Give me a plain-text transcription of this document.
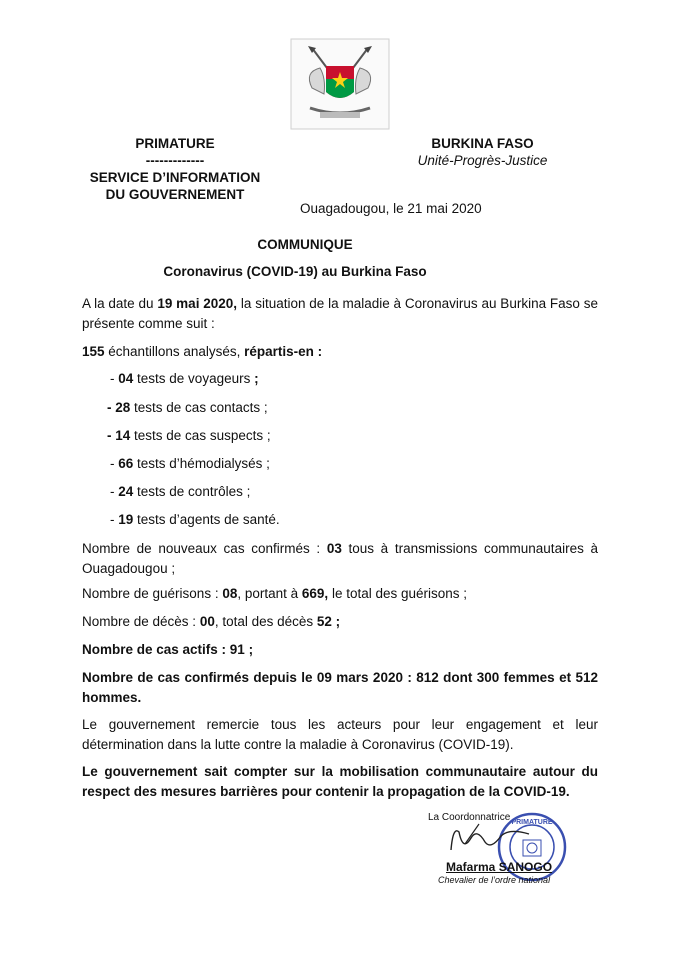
PRIMATURE
-------------
SERVICE D’INFORMATION
DU GOUVERNEMENT
BURKINA FASO
Unité-Progrès-Justice
Ouagadougou, le 21 mai 2020
COMMUNIQUE
Coronavirus (COVID-19) au Burkina Faso
A la date du 19 mai 2020, la situation de la maladie à Coronavirus au Burkina Faso se présente comme suit :
155 échantillons analysés, répartis-en :
- 04 tests de voyageurs ;
- 28 tests de cas contacts ;
- 14 tests de cas suspects ;
- 66 tests d’hémodialysés ;
- 24 tests de contrôles ;
- 19 tests d’agents de santé.
Nombre de nouveaux cas confirmés : 03 tous à transmissions communautaires à Ouagadougou ;
Nombre de guérisons : 08, portant à 669, le total des guérisons ;
Nombre de décès : 00, total des décès 52 ;
Nombre de cas actifs : 91 ;
Nombre de cas confirmés depuis le 09 mars 2020 : 812 dont 300 femmes et 512 hommes.
Le gouvernement remercie tous les acteurs pour leur engagement et leur détermination dans la lutte contre la maladie à Coronavirus (COVID-19).
Le gouvernement sait compter sur la mobilisation communautaire autour du respect des mesures barrières pour contenir la propagation de la COVID-19.
PRIMATURE
La Coordonnatrice
Mafarma SANOGO
Chevalier de l’ordre national
